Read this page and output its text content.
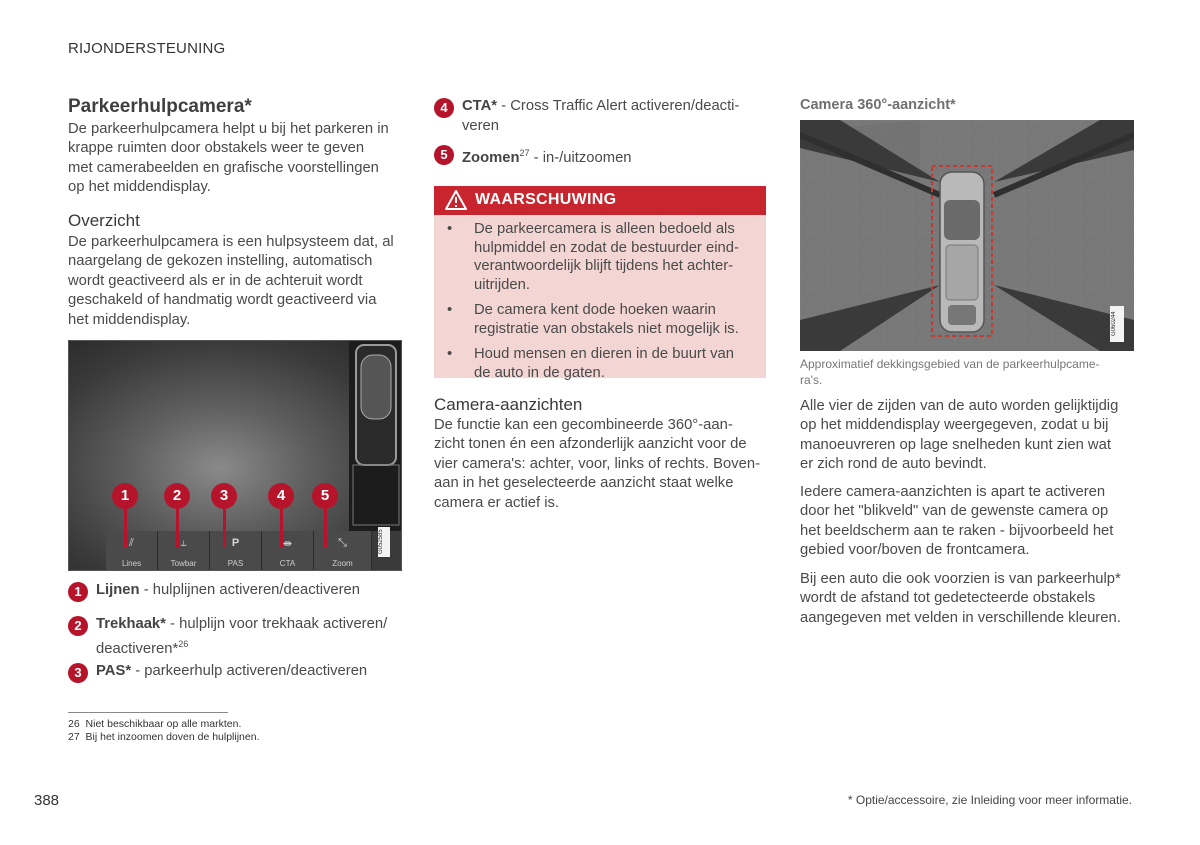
RIJONDERSTEUNING
Parkeerhulpcamera*

De parkeerhulpcamera helpt u bij het parkeren in

krappe ruimten door obstakels weer te geven

met camerabeelden en grafische voorstellingen

op het middendisplay.

Overzicht

De parkeerhulpcamera is een hulpsysteem dat, al

naargelang de gekozen instelling, automatisch

wordt geactiveerd als er in de achteruit wordt

geschakeld of handmatig wordt geactiveerd via

het middendisplay.

⫽
Lines
⥿
Towbar
P
PAS
⇼
CTA
⤡
Zoom
1	2	3	4	5
G052585
1 Lijnen - hulplijnen activeren/deactiveren
2 Trekhaak* - hulplijn voor trekhaak activeren/
deactiveren*$^{26}$
3 PAS* - parkeerhulp activeren/deactiveren
4 CTA* - Cross Traffic Alert activeren/deacti-
veren
5 Zoomen$^{27}$ - in-/uitzoomen
WAARSCHUWING
• De parkeercamera is alleen bedoeld als
hulpmiddel en zodat de bestuurder eind-
verantwoordelijk blijft tijdens het achter-
uitrijden.
• De camera kent dode hoeken waarin
registratie van obstakels niet mogelijk is.
• Houd mensen en dieren in de buurt van
de auto in de gaten.
Camera-aanzichten

De functie kan een gecombineerde 360°-aan-

zicht tonen én een afzonderlijk aanzicht voor de

vier camera's: achter, voor, links of rechts. Boven-

aan in het geselecteerde aanzicht staat welke

camera er actief is.

Camera 360°-aanzicht*
G060244
Approximatief dekkingsgebied van de parkeerhulpcame-
ra's.

Alle vier de zijden van de auto worden gelijktijdig

op het middendisplay weergegeven, zodat u bij

manoeuvreren op lage snelheden kunt zien wat

er zich rond de auto bevindt.

Iedere camera-aanzichten is apart te activeren

door het "blikveld" van de gewenste camera op

het beeldscherm aan te raken - bijvoorbeeld het

gebied voor/boven de frontcamera.

Bij een auto die ook voorzien is van parkeerhulp*

wordt de afstand tot gedetecteerde obstakels

aangegeven met velden in verschillende kleuren.

26 Niet beschikbaar op alle markten.
27 Bij het inzoomen doven de hulplijnen.
388	* Optie/accessoire, zie Inleiding voor meer informatie.
